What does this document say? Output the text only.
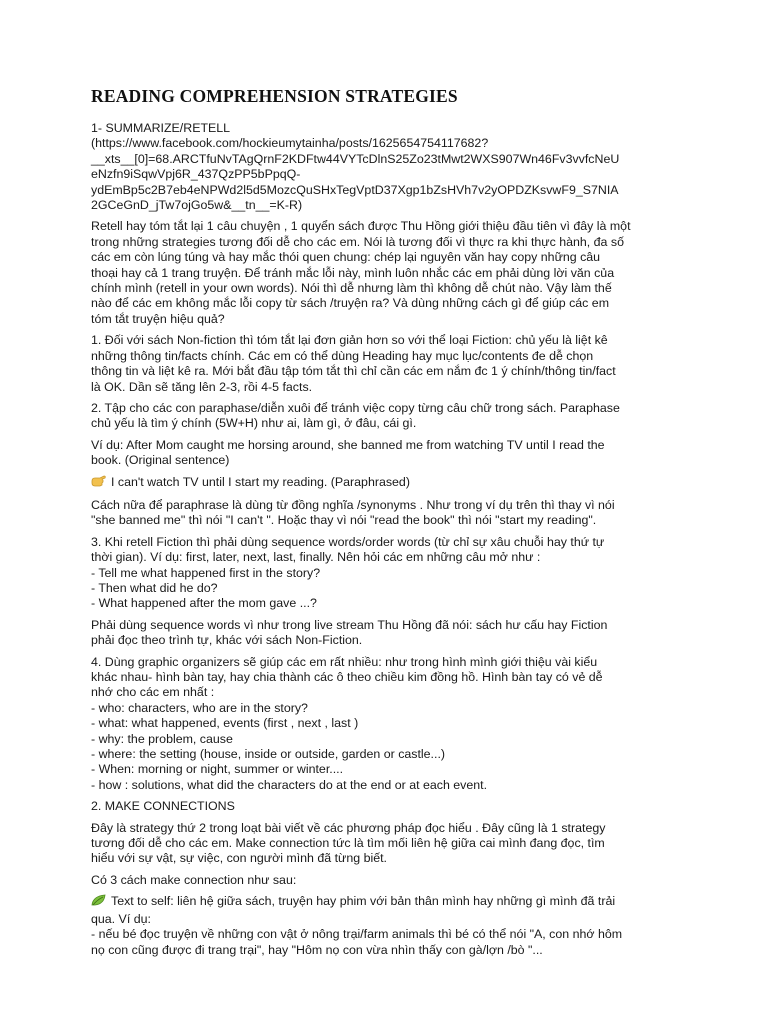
READING COMPREHENSION STRATEGIES
1- SUMMARIZE/RETELL
(https://www.facebook.com/hockieumytainha/posts/1625654754117682?
__xts__[0]=68.ARCTfuNvTAgQrnF2KDFtw44VYTcDlnS25Zo23tMwt2WXS907Wn46Fv3vvfcNeU
eNzfn9iSqwVpj6R_437QzPP5bPpqQ-
ydEmBp5c2B7eb4eNPWd2l5d5MozcQuSHxTegVptD37Xgp1bZsHVh7v2yOPDZKsvwF9_S7NIA
2GCeGnD_jTw7ojGo5w&__tn__=K-R)
Retell hay tóm tắt lại 1 câu chuyện , 1 quyển sách được Thu Hồng giới thiệu đầu tiên vì đây là một
trong những strategies tương đối dễ cho các em. Nói là tương đối vì thực ra khi thực hành, đa số
các em còn lúng túng và hay mắc thói quen chung: chép lại nguyên văn hay copy những câu
thoại hay cả 1 trang truyện. Để tránh mắc lỗi này, mình luôn nhắc các em phải dùng lời văn của
chính mình (retell in your own words). Nói thì dễ nhưng làm thì không dễ chút nào. Vậy làm thế
nào để các em không mắc lỗi copy từ sách /truyện ra? Và dùng những cách gì để giúp các em
tóm tắt truyện hiệu quả?
1. Đối với sách Non-fiction thì tóm tắt lại đơn giản hơn so với thể loại Fiction: chủ yếu là liệt kê
những thông tin/facts chính. Các em có thể dùng Heading hay mục lục/contents đe dễ chọn
thông tin và liệt kê ra. Mới bắt đầu tập tóm tắt thì chỉ cần các em nắm đc 1 ý chính/thông tin/fact
là OK. Dần sẽ tăng lên 2-3, rồi 4-5 facts.
2. Tập cho các con paraphase/diễn xuôi để tránh việc copy từng câu chữ trong sách. Paraphase
chủ yếu là tìm ý chính (5W+H) như ai, làm gì, ở đâu, cái gì.
Ví dụ: After Mom caught me horsing around, she banned me from watching TV until I read the
book. (Original sentence)
I can't watch TV until I start my reading. (Paraphrased)
Cách nữa để paraphrase là dùng từ đồng nghĩa /synonyms . Như trong ví dụ trên thì thay vì nói
"she banned me" thì nói "I can't ". Hoặc thay vì nói "read the book" thì nói "start my reading".
3. Khi retell Fiction thì phải dùng sequence words/order words (từ chỉ sự xâu chuỗi hay thứ tự
thời gian). Ví dụ: first, later, next, last, finally. Nên hỏi các em những câu mở như :
- Tell me what happened first in the story?
- Then what did he do?
- What happened after the mom gave ...?
Phải dùng sequence words vì như trong live stream Thu Hồng đã nói: sách hư cấu hay Fiction
phải đọc theo trình tự, khác với sách Non-Fiction.
4. Dùng graphic organizers sẽ giúp các em rất nhiều: như trong hình mình giới thiệu vài kiểu
khác nhau- hình bàn tay, hay chia thành các ô theo chiều kim đồng hồ. Hình bàn tay có vẻ dễ
nhớ cho các em nhất :
- who: characters, who are in the story?
- what: what happened, events (first , next , last )
- why: the problem, cause
- where: the setting (house, inside or outside, garden or castle...)
- When: morning or night, summer or winter....
- how : solutions, what did the characters do at the end or at each event.
2. MAKE CONNECTIONS
Đây là strategy thứ 2 trong loạt bài viết về các phương pháp đọc hiểu . Đây cũng là 1 strategy
tương đối dễ cho các em. Make connection tức là tìm mối liên hệ giữa cai mình đang đọc, tìm
hiểu với sự vật, sự việc, con người mình đã từng biết.
Có 3 cách make connection như sau:
Text to self: liên hệ giữa sách, truyện hay phim với bản thân mình hay những gì mình đã trải
qua. Ví dụ:
- nếu bé đọc truyện về những con vật ở nông trại/farm animals thì bé có thể nói "A, con nhớ hôm
nọ con cũng được đi trang trại", hay "Hôm nọ con vừa nhìn thấy con gà/lợn /bò "...
